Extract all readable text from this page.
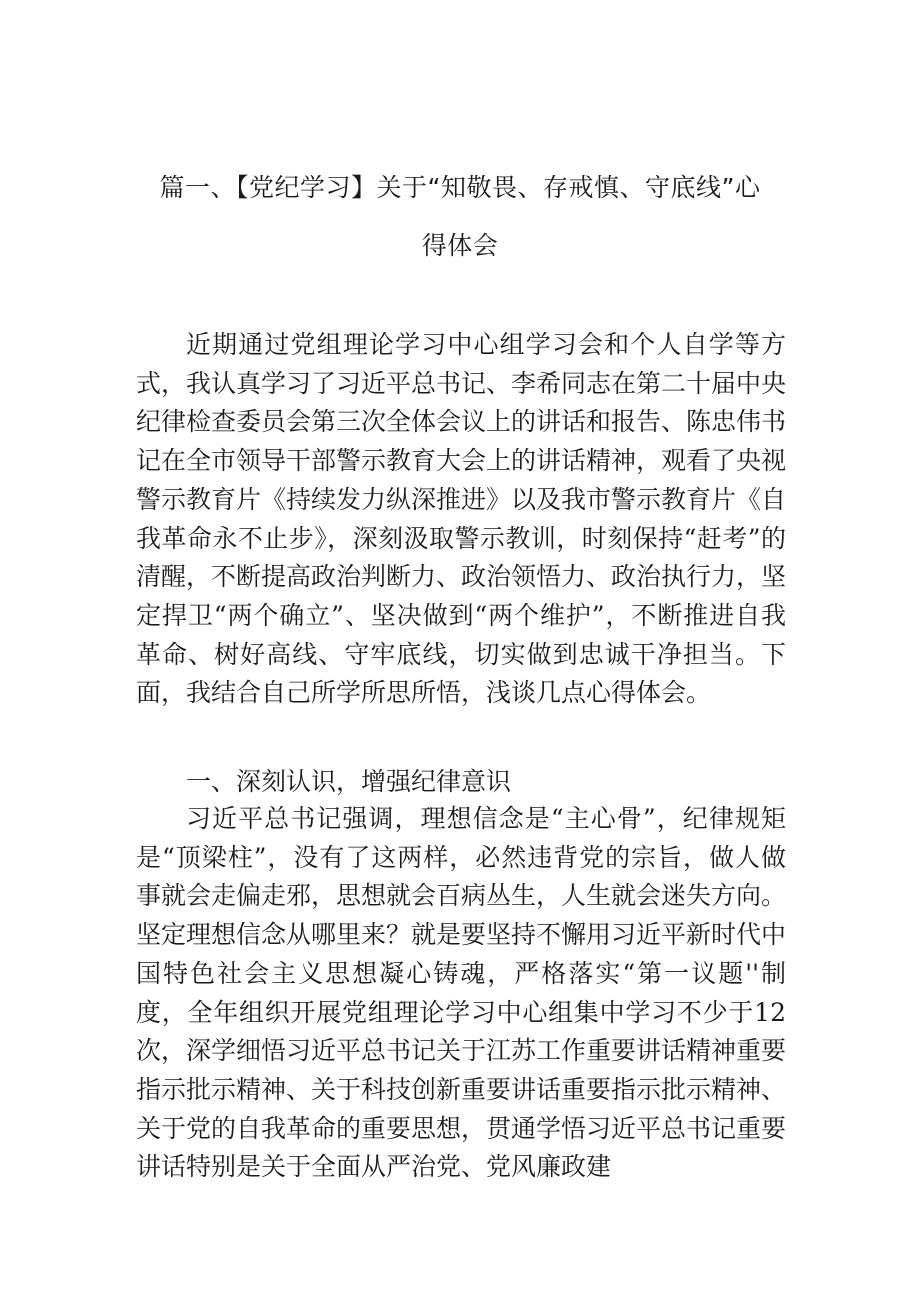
篇一、【党纪学习】关于“知敬畏、存戒慎、守底线”心
得体会

近期通过党组理论学习中心组学习会和个人自学等方式，我认真学习了习近平总书记、李希同志在第二十届中央纪律检查委员会第三次全体会议上的讲话和报告、陈忠伟书记在全市领导干部警示教育大会上的讲话精神，观看了央视警示教育片《持续发力纵深推进》以及我市警示教育片《自我革命永不止步》，深刻汲取警示教训，时刻保持“赶考”的清醒，不断提高政治判断力、政治领悟力、政治执行力，坚定捍卫“两个确立”、坚决做到“两个维护”，不断推进自我革命、树好高线、守牢底线，切实做到忠诚干净担当。下面，我结合自己所学所思所悟，浅谈几点心得体会。

一、深刻认识，增强纪律意识

习近平总书记强调，理想信念是“主心骨”，纪律规矩是“顶梁柱”，没有了这两样，必然违背党的宗旨，做人做事就会走偏走邪，思想就会百病丛生，人生就会迷失方向。坚定理想信念从哪里来？就是要坚持不懈用习近平新时代中国特色社会主义思想凝心铸魂，严格落实“第一议题''制度，全年组织开展党组理论学习中心组集中学习不少于12次，深学细悟习近平总书记关于江苏工作重要讲话精神重要指示批示精神、关于科技创新重要讲话重要指示批示精神、关于党的自我革命的重要思想，贯通学悟习近平总书记重要讲话特别是关于全面从严治党、党风廉政建
